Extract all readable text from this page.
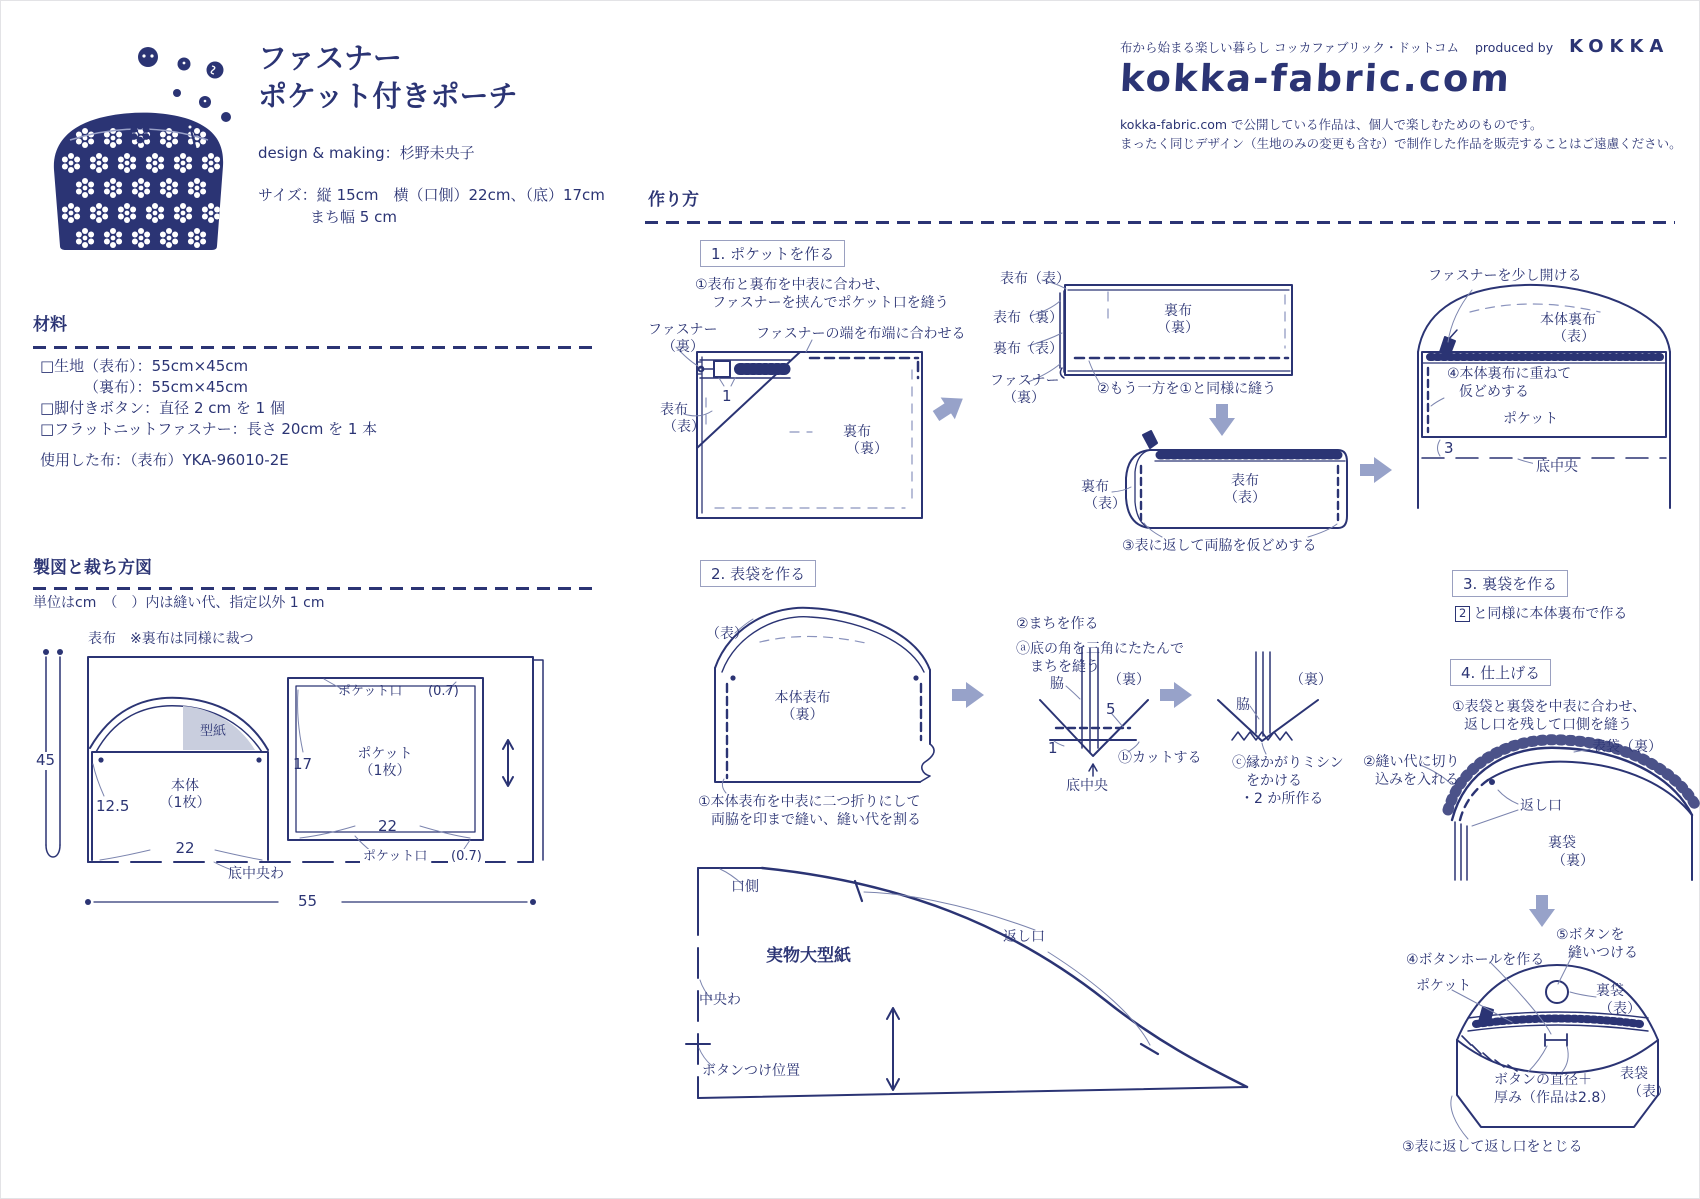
ファスナー
ポケット付きポーチ
design & making：杉野未央子
サイズ：縦 15cm　横（口側）22cm、（底）17cm
まち幅 5 cm
材料
□生地（表布）：55cm×45cm
（裏布）：55cm×45cm
□脚付きボタン：直径 2 cm を 1 個
□フラットニットファスナー：長さ 20cm を 1 本
使用した布：（表布）YKA-96010-2E
製図と裁ち方図
単位はcm　（　）内は縫い代、指定以外 1 cm
表布　※裏布は同様に裁つ
45
型紙
本体
（1枚）
12.5
22
ポケット
（1枚）
17
22
ポケット口 (0.7)
ポケット口 (0.7)
底中央わ
55
布から始まる楽しい暮らし コッカファブリック・ドットコム produced by KOKKA
kokka-fabric.com
kokka-fabric.com で公開している作品は、個人で楽しむためのものです。
まったく同じデザイン（生地のみの変更も含む）で制作した作品を販売することはご遠慮ください。
作り方
1. ポケットを作る
①表布と裏布を中表に合わせ、
ファスナーを挟んでポケット口を縫う
ファスナー
（裏）
ファスナーの端を布端に合わせる
1
表布
（表）	裏布
（裏）
表布（表）
表布（裏）
裏布（表）
ファスナー
（裏）
裏布
（裏）
②もう一方を①と同様に縫う
裏布
（表）
表布
（表）
③表に返して両脇を仮どめする
ファスナーを少し開ける
本体裏布
（表）
④本体裏布に重ねて
仮どめする
ポケット
3
底中央
2. 表袋を作る
（表）
本体表布
（裏）
①本体表布を中表に二つ折りにして
両脇を印まで縫い、縫い代を割る
②まちを作る
ⓐ底の角を三角にたたんで
まちを縫う
脇	（裏）
5
1
ⓑカットする
底中央
脇
（裏）
ⓒ縁かがりミシン
をかける
・2 か所作る
3. 裏袋を作る
2 と同様に本体裏布で作る
4. 仕上げる
①表袋と裏袋を中表に合わせ、
返し口を残して口側を縫う
②縫い代に切り
込みを入れる
表袋（裏）
返し口
裏袋
（裏）
⑤ボタンを
縫いつける
④ボタンホールを作る
ポケット	裏袋
（表）
表袋
（表）
ボタンの直径＋
厚み（作品は2.8）
③表に返して返し口をとじる
口側
実物大型紙
返し口
中央わ
ボタンつけ位置
